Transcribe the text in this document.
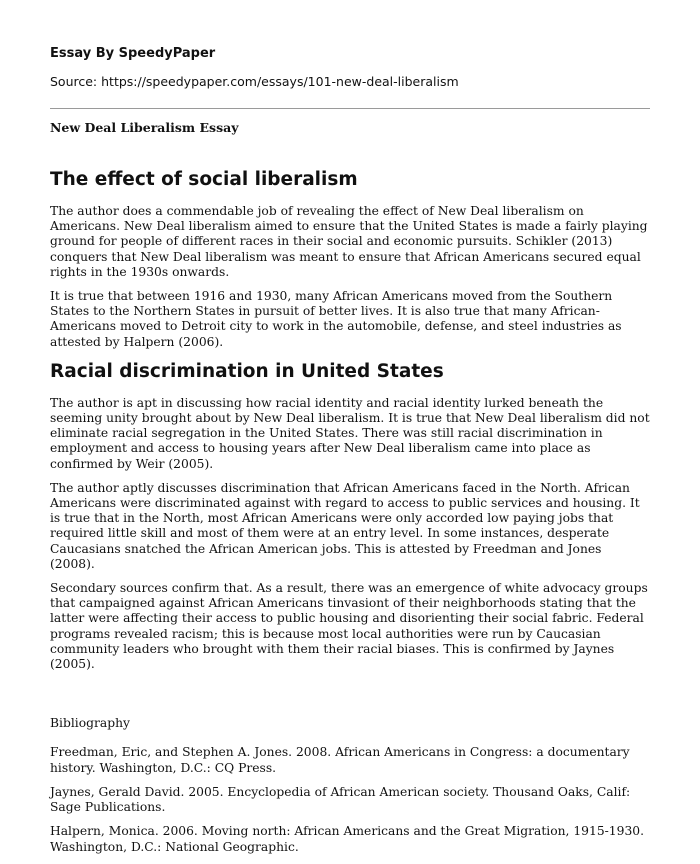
Essay By SpeedyPaper
Source: https://speedypaper.com/essays/101-new-deal-liberalism
New Deal Liberalism Essay
The effect of social liberalism

The author does a commendable job of revealing the effect of New Deal liberalism on Americans. New Deal liberalism aimed to ensure that the United States is made a fairly playing ground for people of different races in their social and economic pursuits. Schikler (2013) conquers that New Deal liberalism was meant to ensure that African Americans secured equal rights in the 1930s onwards.

It is true that between 1916 and 1930, many African Americans moved from the Southern States to the Northern States in pursuit of better lives. It is also true that many African-Americans moved to Detroit city to work in the automobile, defense, and steel industries as attested by Halpern (2006).

Racial discrimination in United States

The author is apt in discussing how racial identity and racial identity lurked beneath the seeming unity brought about by New Deal liberalism. It is true that New Deal liberalism did not eliminate racial segregation in the United States. There was still racial discrimination in employment and access to housing years after New Deal liberalism came into place as confirmed by Weir (2005).

The author aptly discusses discrimination that African Americans faced in the North. African Americans were discriminated against with regard to access to public services and housing. It is true that in the North, most African Americans were only accorded low paying jobs that required little skill and most of them were at an entry level. In some instances, desperate Caucasians snatched the African American jobs. This is attested by Freedman and Jones (2008).

Secondary sources confirm that. As a result, there was an emergence of white advocacy groups that campaigned against African Americans tinvasiont of their neighborhoods stating that the latter were affecting their access to public housing and disorienting their social fabric. Federal programs revealed racism; this is because most local authorities were run by Caucasian community leaders who brought with them their racial biases. This is confirmed by Jaynes (2005).

Bibliography

Freedman, Eric, and Stephen A. Jones. 2008. African Americans in Congress: a documentary history. Washington, D.C.: CQ Press.

Jaynes, Gerald David. 2005. Encyclopedia of African American society. Thousand Oaks, Calif: Sage Publications.

Halpern, Monica. 2006. Moving north: African Americans and the Great Migration, 1915-1930. Washington, D.C.: National Geographic.
